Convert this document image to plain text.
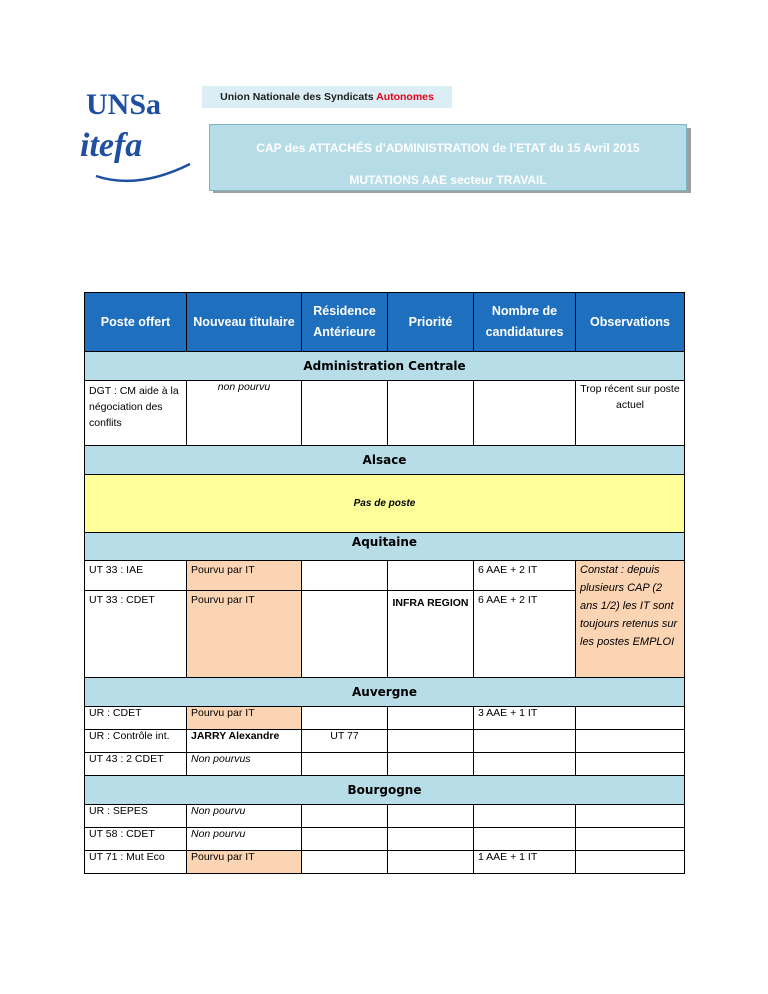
UNSa
itefa
Union Nationale des Syndicats Autonomes
CAP des ATTACHÉS d’ADMINISTRATION de l’ETAT du 15 Avril 2015
MUTATIONS AAE secteur TRAVAIL
Poste offert	Nouveau titulaire	Résidence Antérieure	Priorité	Nombre de candidatures	Observations
Administration Centrale					
DGT : CM aide à la négociation des conflits	non pourvu				Trop récent sur poste actuel
Alsace					
Pas de poste					
Aquitaine					
UT 33 : IAE	Pourvu par IT			6 AAE + 2 IT	Constat : depuis plusieurs CAP (2 ans 1/2) les IT sont toujours retenus sur les postes EMPLOI
UT 33 : CDET	Pourvu par IT		INFRA REGION	6 AAE + 2 IT	
Auvergne					
UR : CDET	Pourvu par IT			3 AAE + 1 IT	
UR : Contrôle int.	JARRY Alexandre	UT 77			
UT 43 : 2 CDET	Non pourvus				
Bourgogne					
UR : SEPES	Non pourvu				
UT 58 : CDET	Non pourvu				
UT 71 : Mut Eco	Pourvu par IT			1 AAE + 1 IT	
